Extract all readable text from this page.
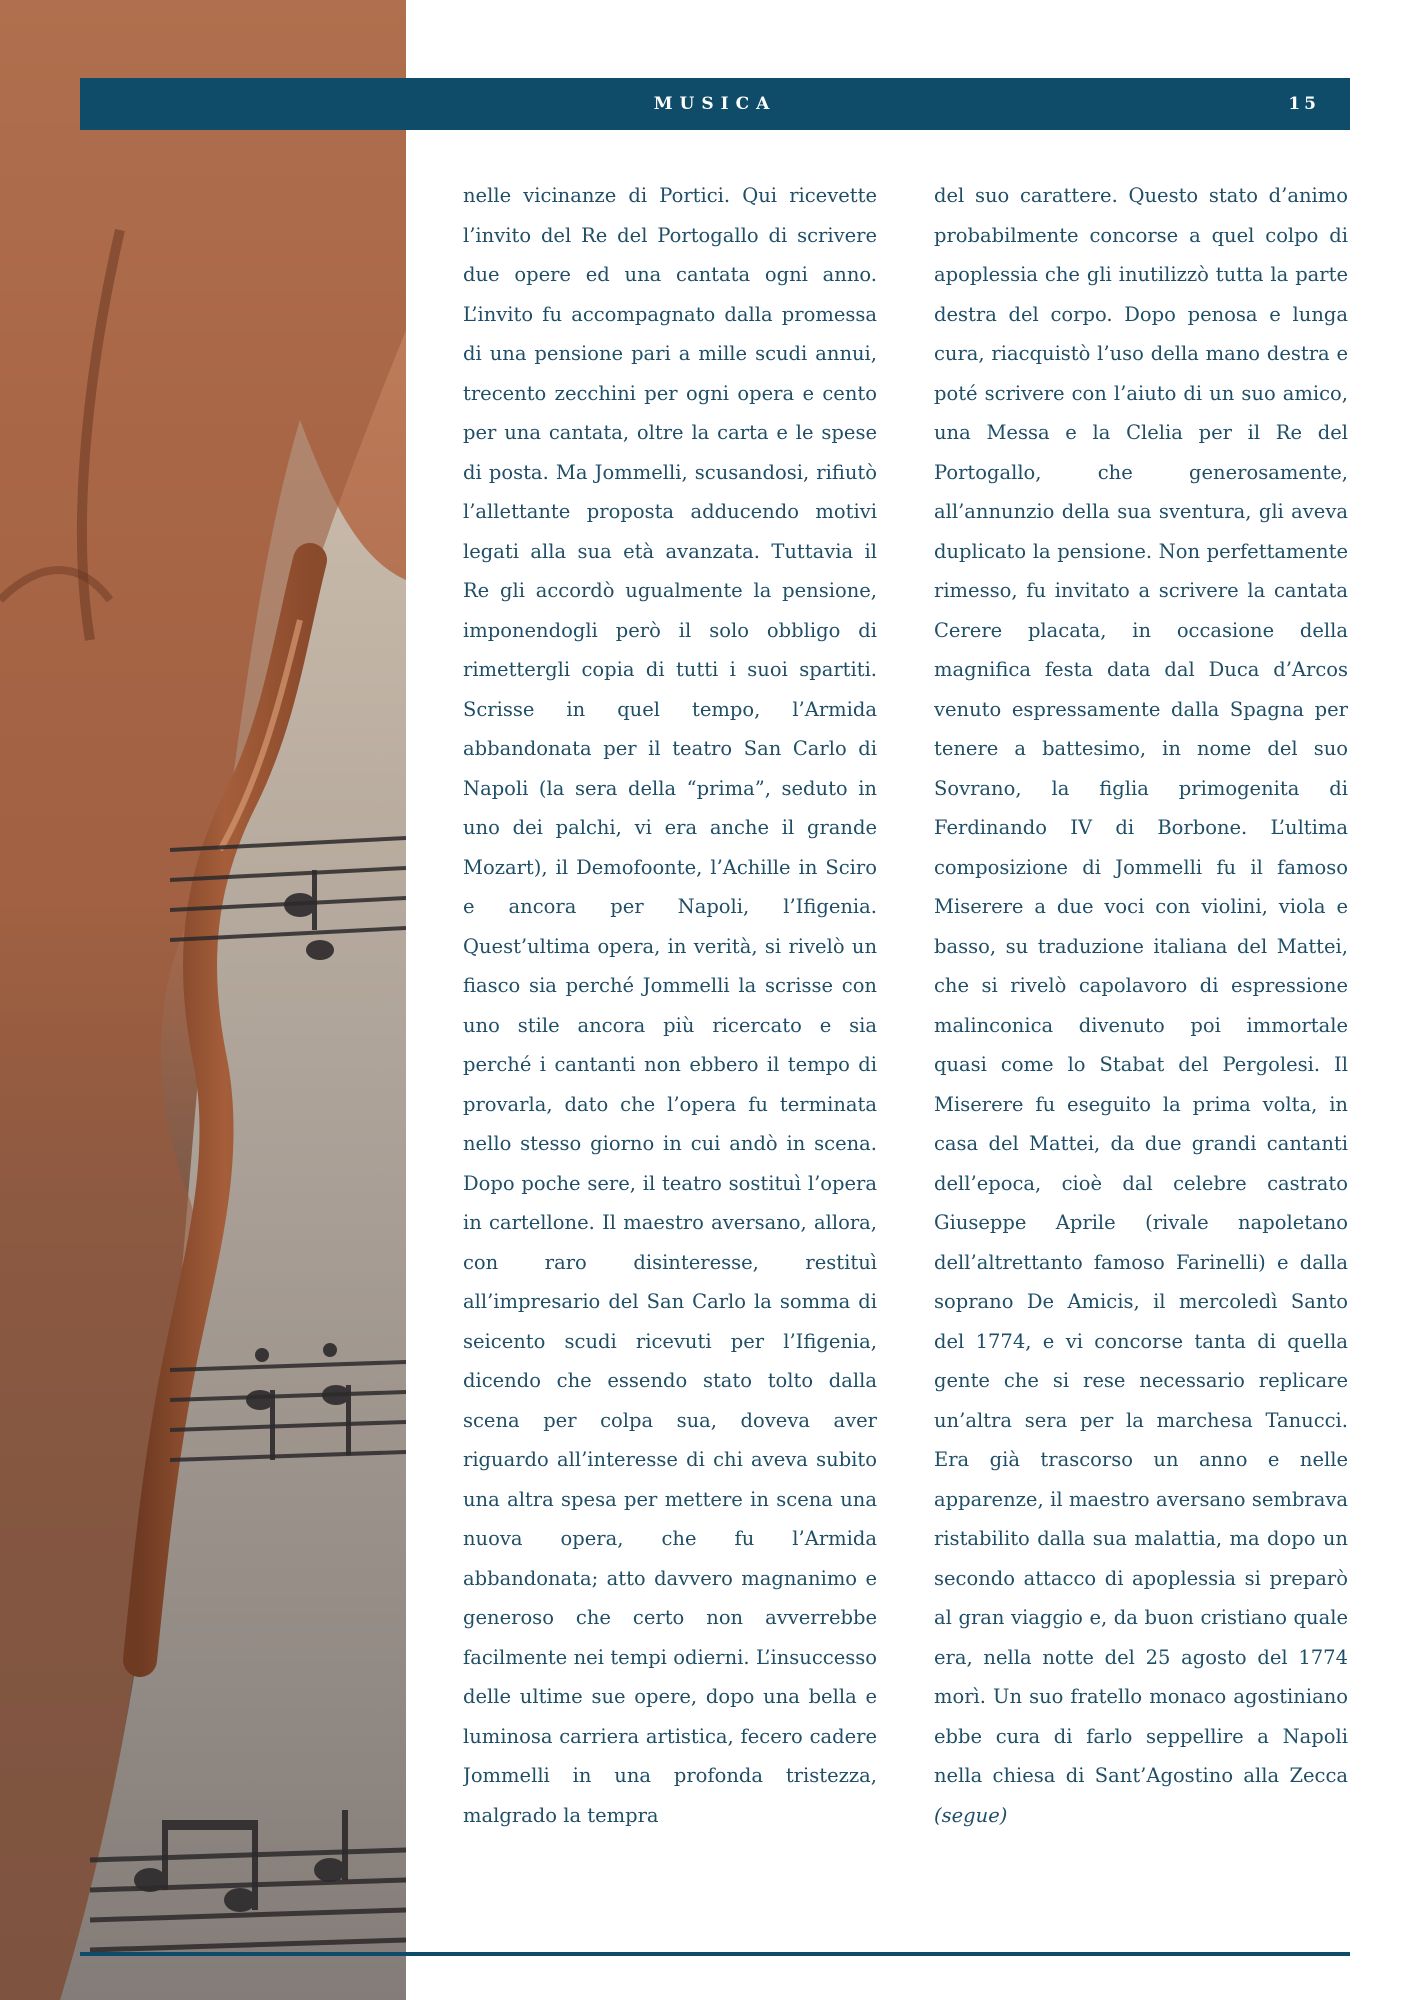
MUSICA	15

nelle vicinanze di Portici. Qui ricevette l’invito del Re del Portogallo di scrivere due opere ed una cantata ogni anno. L’invito fu accompagnato dalla promessa di una pensione pari a mille scudi annui, trecento zecchini per ogni opera e cento per una cantata, oltre la carta e le spese di posta. Ma Jommelli, scusandosi, rifiutò l’allettante proposta adducendo motivi legati alla sua età avanzata. Tuttavia il Re gli accordò ugualmente la pensione, imponendogli però il solo obbligo di rimettergli copia di tutti i suoi spartiti. Scrisse in quel tempo, l’Armida abbandonata per il teatro San Carlo di Napoli (la sera della “prima”, seduto in uno dei palchi, vi era anche il grande Mozart), il Demofoonte, l’Achille in Sciro e ancora per Napoli, l’Ifigenia. Quest’ultima opera, in verità, si rivelò un fiasco sia perché Jommelli la scrisse con uno stile ancora più ricercato e sia perché i cantanti non ebbero il tempo di provarla, dato che l’opera fu terminata nello stesso giorno in cui andò in scena. Dopo poche sere, il teatro sostituì l’opera in cartellone. Il maestro aversano, allora, con raro disinteresse, restituì all’impresario del San Carlo la somma di seicento scudi ricevuti per l’Ifigenia, dicendo che essendo stato tolto dalla scena per colpa sua, doveva aver riguardo all’interesse di chi aveva subito una altra spesa per mettere in scena una nuova opera, che fu l’Armida abbandonata; atto davvero magnanimo e generoso che certo non avverrebbe facilmente nei tempi odierni. L’insuccesso delle ultime sue opere, dopo una bella e luminosa carriera artistica, fecero cadere Jommelli in una profonda tristezza, malgrado la tempra

del suo carattere. Questo stato d’animo probabilmente concorse a quel colpo di apoplessia che gli inutilizzò tutta la parte destra del corpo. Dopo penosa e lunga cura, riacquistò l’uso della mano destra e poté scrivere con l’aiuto di un suo amico, una Messa e la Clelia per il Re del Portogallo, che generosamente, all’annunzio della sua sventura, gli aveva duplicato la pensione. Non perfettamente rimesso, fu invitato a scrivere la cantata Cerere placata, in occasione della magnifica festa data dal Duca d’Arcos venuto espressamente dalla Spagna per tenere a battesimo, in nome del suo Sovrano, la figlia primogenita di Ferdinando IV di Borbone. L’ultima composizione di Jommelli fu il famoso Miserere a due voci con violini, viola e basso, su traduzione italiana del Mattei, che si rivelò capolavoro di espressione malinconica divenuto poi immortale quasi come lo Stabat del Pergolesi. Il Miserere fu eseguito la prima volta, in casa del Mattei, da due grandi cantanti dell’epoca, cioè dal celebre castrato Giuseppe Aprile (rivale napoletano dell’altrettanto famoso Farinelli) e dalla soprano De Amicis, il mercoledì Santo del 1774, e vi concorse tanta di quella gente che si rese necessario replicare un’altra sera per la marchesa Tanucci. Era già trascorso un anno e nelle apparenze, il maestro aversano sembrava ristabilito dalla sua malattia, ma dopo un secondo attacco di apoplessia si preparò al gran viaggio e, da buon cristiano quale era, nella notte del 25 agosto del 1774 morì. Un suo fratello monaco agostiniano ebbe cura di farlo seppellire a Napoli nella chiesa di Sant’Agostino alla Zecca (segue)
